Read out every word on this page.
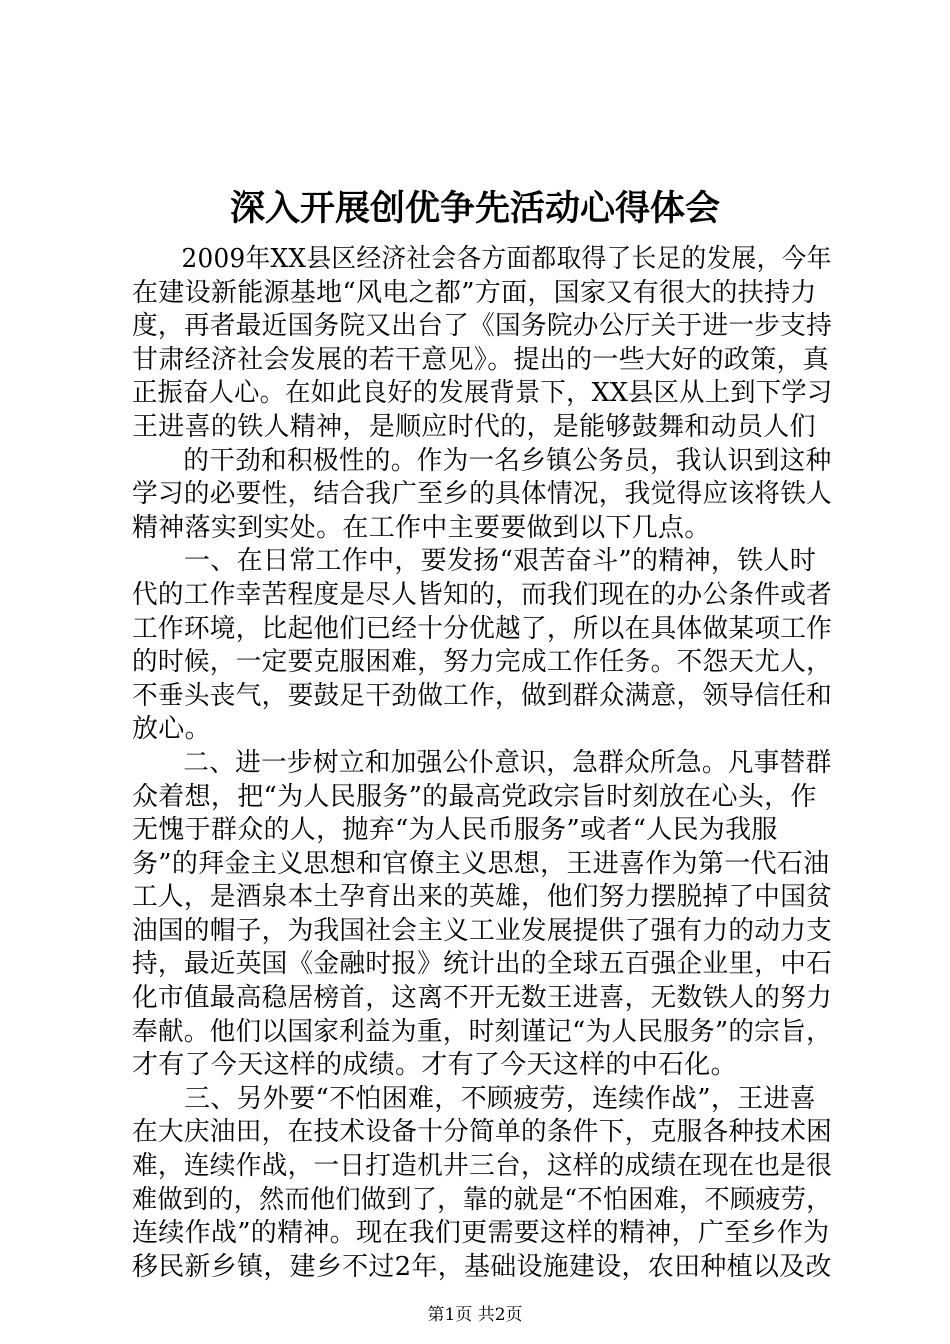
深入开展创优争先活动心得体会
2009年XX县区经济社会各方面都取得了长足的发展，今年
在建设新能源基地“风电之都”方面，国家又有很大的扶持力
度，再者最近国务院又出台了《国务院办公厅关于进一步支持
甘肃经济社会发展的若干意见》。提出的一些大好的政策，真
正振奋人心。在如此良好的发展背景下，XX县区从上到下学习
王进喜的铁人精神，是顺应时代的，是能够鼓舞和动员人们
的干劲和积极性的。作为一名乡镇公务员，我认识到这种
学习的必要性，结合我广至乡的具体情况，我觉得应该将铁人
精神落实到实处。在工作中主要要做到以下几点。
一、在日常工作中，要发扬“艰苦奋斗”的精神，铁人时
代的工作幸苦程度是尽人皆知的，而我们现在的办公条件或者
工作环境，比起他们已经十分优越了，所以在具体做某项工作
的时候，一定要克服困难，努力完成工作任务。不怨天尤人，
不垂头丧气，要鼓足干劲做工作，做到群众满意，领导信任和
放心。
二、进一步树立和加强公仆意识，急群众所急。凡事替群
众着想，把“为人民服务”的最高党政宗旨时刻放在心头，作
无愧于群众的人，抛弃“为人民币服务”或者“人民为我服
务”的拜金主义思想和官僚主义思想，王进喜作为第一代石油
工人，是酒泉本土孕育出来的英雄，他们努力摆脱掉了中国贫
油国的帽子，为我国社会主义工业发展提供了强有力的动力支
持，最近英国《金融时报》统计出的全球五百强企业里，中石
化市值最高稳居榜首，这离不开无数王进喜，无数铁人的努力
奉献。他们以国家利益为重，时刻谨记“为人民服务”的宗旨，
才有了今天这样的成绩。才有了今天这样的中石化。
三、另外要“不怕困难，不顾疲劳，连续作战”，王进喜
在大庆油田，在技术设备十分简单的条件下，克服各种技术困
难，连续作战，一日打造机井三台，这样的成绩在现在也是很
难做到的，然而他们做到了，靠的就是“不怕困难，不顾疲劳，
连续作战”的精神。现在我们更需要这样的精神，广至乡作为
移民新乡镇，建乡不过2年，基础设施建设，农田种植以及改
第1页 共2页
